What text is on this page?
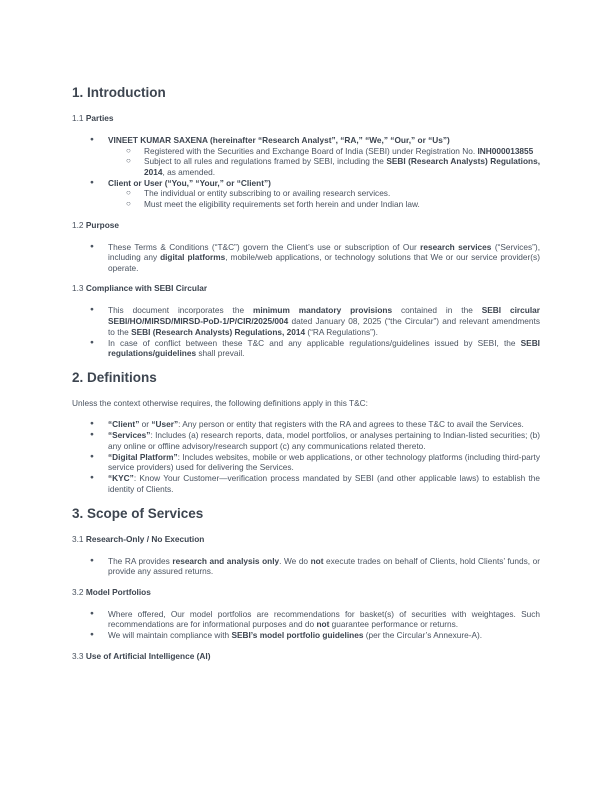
1. Introduction

1.1 Parties

● VINEET KUMAR SAXENA (hereinafter “Research Analyst”, “RA,” “We,” “Our,” or “Us”)
○ Registered with the Securities and Exchange Board of India (SEBI) under Registration No. INH000013855
○ Subject to all rules and regulations framed by SEBI, including the SEBI (Research Analysts) Regulations, 2014, as amended.
● Client or User (“You,” “Your,” or “Client”)
○ The individual or entity subscribing to or availing research services.
○ Must meet the eligibility requirements set forth herein and under Indian law.

1.2 Purpose

● These Terms & Conditions (“T&C”) govern the Client’s use or subscription of Our research services (“Services”), including any digital platforms, mobile/web applications, or technology solutions that We or our service provider(s) operate.

1.3 Compliance with SEBI Circular

● This document incorporates the minimum mandatory provisions contained in the SEBI circular SEBI/HO/MIRSD/MIRSD-PoD-1/P/CIR/2025/004 dated January 08, 2025 (“the Circular”) and relevant amendments to the SEBI (Research Analysts) Regulations, 2014 (“RA Regulations”).
● In case of conflict between these T&C and any applicable regulations/guidelines issued by SEBI, the SEBI regulations/guidelines shall prevail.
2. Definitions

Unless the context otherwise requires, the following definitions apply in this T&C:

● “Client” or “User”: Any person or entity that registers with the RA and agrees to these T&C to avail the Services.
● “Services”: Includes (a) research reports, data, model portfolios, or analyses pertaining to Indian-listed securities; (b) any online or offline advisory/research support (c) any communications related thereto.
● “Digital Platform”: Includes websites, mobile or web applications, or other technology platforms (including third-party service providers) used for delivering the Services.
● “KYC”: Know Your Customer—verification process mandated by SEBI (and other applicable laws) to establish the identity of Clients.
3. Scope of Services

3.1 Research-Only / No Execution

● The RA provides research and analysis only. We do not execute trades on behalf of Clients, hold Clients’ funds, or provide any assured returns.

3.2 Model Portfolios

● Where offered, Our model portfolios are recommendations for basket(s) of securities with weightages. Such recommendations are for informational purposes and do not guarantee performance or returns.
● We will maintain compliance with SEBI’s model portfolio guidelines (per the Circular’s Annexure-A).

3.3 Use of Artificial Intelligence (AI)
